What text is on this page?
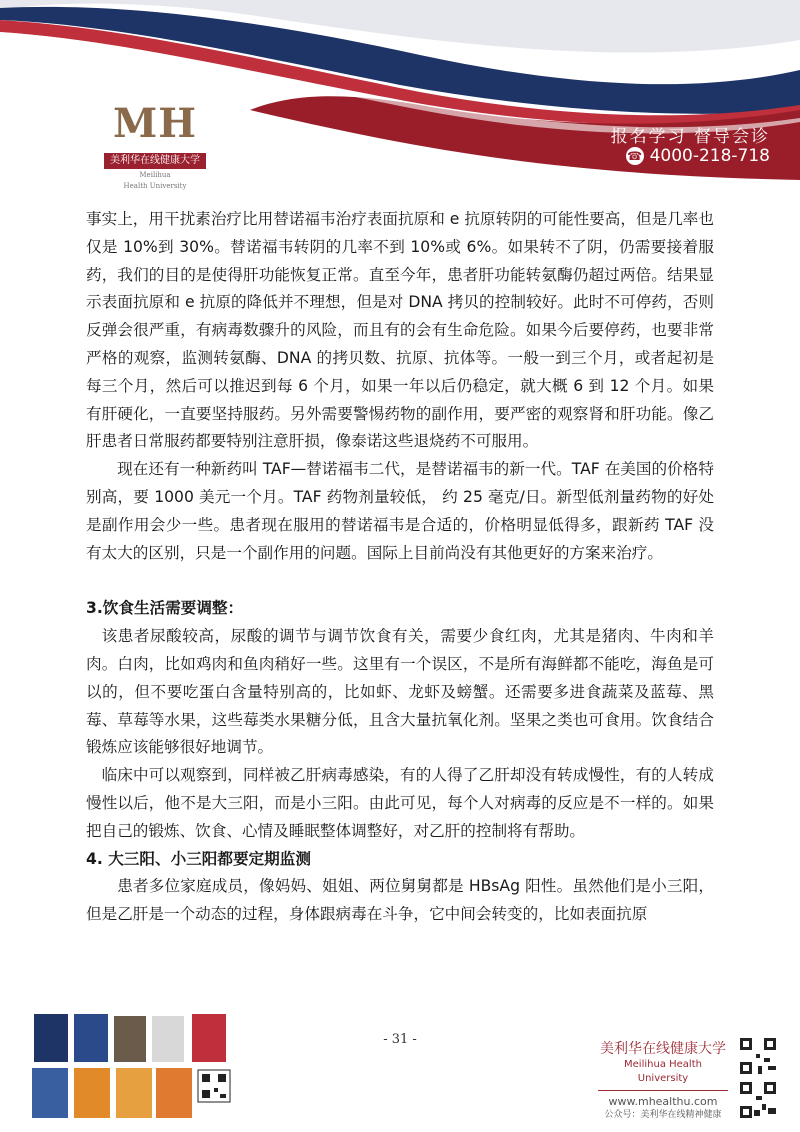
MH
美利华在线健康大学
Meilihua
Health University
报名学习 督导会诊
☎ 4000-218-718

事实上，用干扰素治疗比用替诺福韦治疗表面抗原和 e 抗原转阴的可能性要高，但是几率也仅是 10%到 30%。替诺福韦转阴的几率不到 10%或 6%。如果转不了阴，仍需要接着服药，我们的目的是使得肝功能恢复正常。直至今年，患者肝功能转氨酶仍超过两倍。结果显示表面抗原和 e 抗原的降低并不理想，但是对 DNA 拷贝的控制较好。此时不可停药，否则反弹会很严重，有病毒数骤升的风险，而且有的会有生命危险。如果今后要停药，也要非常严格的观察，监测转氨酶、DNA 的拷贝数、抗原、抗体等。一般一到三个月，或者起初是每三个月，然后可以推迟到每 6 个月，如果一年以后仍稳定，就大概 6 到 12 个月。如果有肝硬化，一直要坚持服药。另外需要警惕药物的副作用，要严密的观察肾和肝功能。像乙肝患者日常服药都要特别注意肝损，像泰诺这些退烧药不可服用。

现在还有一种新药叫 TAF—替诺福韦二代，是替诺福韦的新一代。TAF 在美国的价格特别高，要 1000 美元一个月。TAF 药物剂量较低， 约 25 毫克/日。新型低剂量药物的好处是副作用会少一些。患者现在服用的替诺福韦是合适的，价格明显低得多，跟新药 TAF 没有太大的区别，只是一个副作用的问题。国际上目前尚没有其他更好的方案来治疗。

3.饮食生活需要调整：

该患者尿酸较高，尿酸的调节与调节饮食有关，需要少食红肉，尤其是猪肉、牛肉和羊肉。白肉，比如鸡肉和鱼肉稍好一些。这里有一个误区，不是所有海鲜都不能吃，海鱼是可以的，但不要吃蛋白含量特别高的，比如虾、龙虾及螃蟹。还需要多进食蔬菜及蓝莓、黑莓、草莓等水果，这些莓类水果糖分低，且含大量抗氧化剂。坚果之类也可食用。饮食结合锻炼应该能够很好地调节。

临床中可以观察到，同样被乙肝病毒感染，有的人得了乙肝却没有转成慢性，有的人转成慢性以后，他不是大三阳，而是小三阳。由此可见，每个人对病毒的反应是不一样的。如果把自己的锻炼、饮食、心情及睡眠整体调整好，对乙肝的控制将有帮助。

4. 大三阳、小三阳都要定期监测

患者多位家庭成员，像妈妈、姐姐、两位舅舅都是 HBsAg 阳性。虽然他们是小三阳，但是乙肝是一个动态的过程，身体跟病毒在斗争，它中间会转变的，比如表面抗原

- 31 -
美利华在线健康大学
Meilihua Health University
www.mhealthu.com
公众号：美利华在线精神健康
